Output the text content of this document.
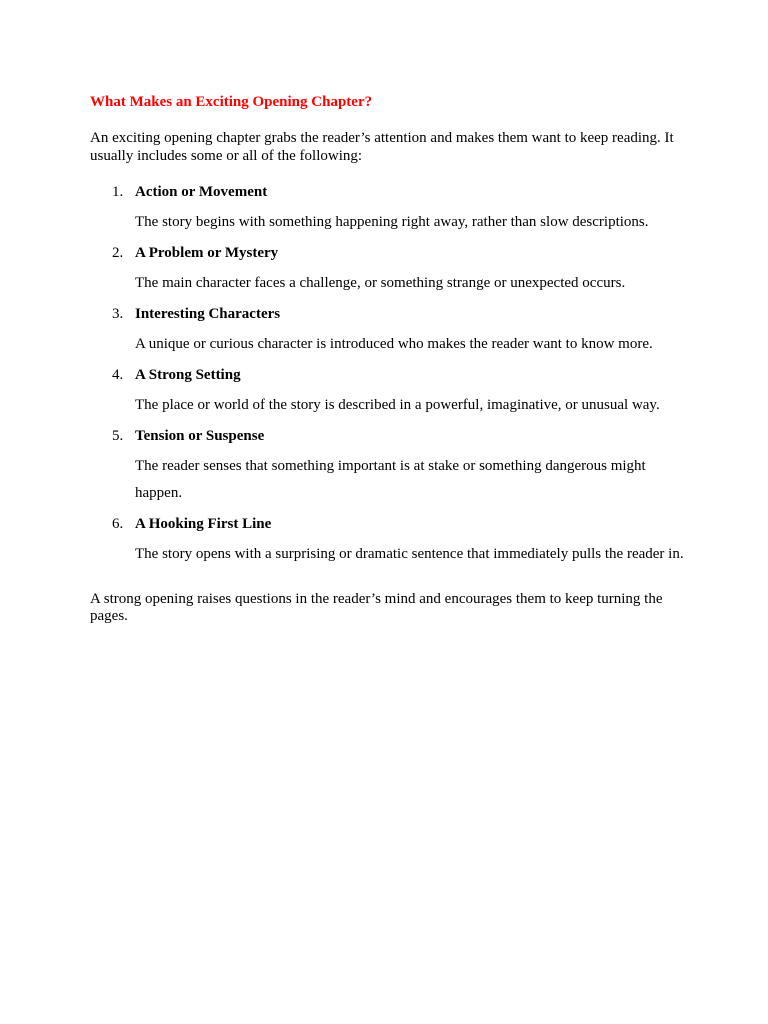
What Makes an Exciting Opening Chapter?

An exciting opening chapter grabs the reader’s attention and makes them want to keep reading. It usually includes some or all of the following:

1. Action or Movement

The story begins with something happening right away, rather than slow descriptions.

2. A Problem or Mystery

The main character faces a challenge, or something strange or unexpected occurs.

3. Interesting Characters

A unique or curious character is introduced who makes the reader want to know more.

4. A Strong Setting

The place or world of the story is described in a powerful, imaginative, or unusual way.

5. Tension or Suspense

The reader senses that something important is at stake or something dangerous might happen.

6. A Hooking First Line

The story opens with a surprising or dramatic sentence that immediately pulls the reader in.

A strong opening raises questions in the reader’s mind and encourages them to keep turning the pages.
